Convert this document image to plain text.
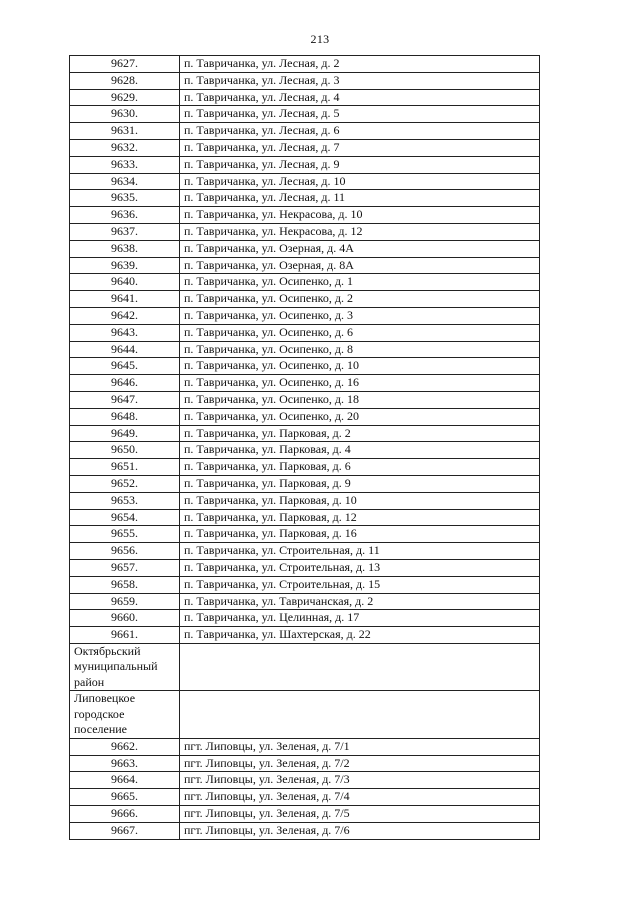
213
9627.	п. Тавричанка, ул. Лесная, д. 2
9628.	п. Тавричанка, ул. Лесная, д. 3
9629.	п. Тавричанка, ул. Лесная, д. 4
9630.	п. Тавричанка, ул. Лесная, д. 5
9631.	п. Тавричанка, ул. Лесная, д. 6
9632.	п. Тавричанка, ул. Лесная, д. 7
9633.	п. Тавричанка, ул. Лесная, д. 9
9634.	п. Тавричанка, ул. Лесная, д. 10
9635.	п. Тавричанка, ул. Лесная, д. 11
9636.	п. Тавричанка, ул. Некрасова, д. 10
9637.	п. Тавричанка, ул. Некрасова, д. 12
9638.	п. Тавричанка, ул. Озерная, д. 4А
9639.	п. Тавричанка, ул. Озерная, д. 8А
9640.	п. Тавричанка, ул. Осипенко, д. 1
9641.	п. Тавричанка, ул. Осипенко, д. 2
9642.	п. Тавричанка, ул. Осипенко, д. 3
9643.	п. Тавричанка, ул. Осипенко, д. 6
9644.	п. Тавричанка, ул. Осипенко, д. 8
9645.	п. Тавричанка, ул. Осипенко, д. 10
9646.	п. Тавричанка, ул. Осипенко, д. 16
9647.	п. Тавричанка, ул. Осипенко, д. 18
9648.	п. Тавричанка, ул. Осипенко, д. 20
9649.	п. Тавричанка, ул. Парковая, д. 2
9650.	п. Тавричанка, ул. Парковая, д. 4
9651.	п. Тавричанка, ул. Парковая, д. 6
9652.	п. Тавричанка, ул. Парковая, д. 9
9653.	п. Тавричанка, ул. Парковая, д. 10
9654.	п. Тавричанка, ул. Парковая, д. 12
9655.	п. Тавричанка, ул. Парковая, д. 16
9656.	п. Тавричанка, ул. Строительная, д. 11
9657.	п. Тавричанка, ул. Строительная, д. 13
9658.	п. Тавричанка, ул. Строительная, д. 15
9659.	п. Тавричанка, ул. Тавричанская, д. 2
9660.	п. Тавричанка, ул. Целинная, д. 17
9661.	п. Тавричанка, ул. Шахтерская, д. 22
Октябрьский
муниципальный
район	
Липовецкое
городское
поселение	
9662.	пгт. Липовцы, ул. Зеленая, д. 7/1
9663.	пгт. Липовцы, ул. Зеленая, д. 7/2
9664.	пгт. Липовцы, ул. Зеленая, д. 7/3
9665.	пгт. Липовцы, ул. Зеленая, д. 7/4
9666.	пгт. Липовцы, ул. Зеленая, д. 7/5
9667.	пгт. Липовцы, ул. Зеленая, д. 7/6
